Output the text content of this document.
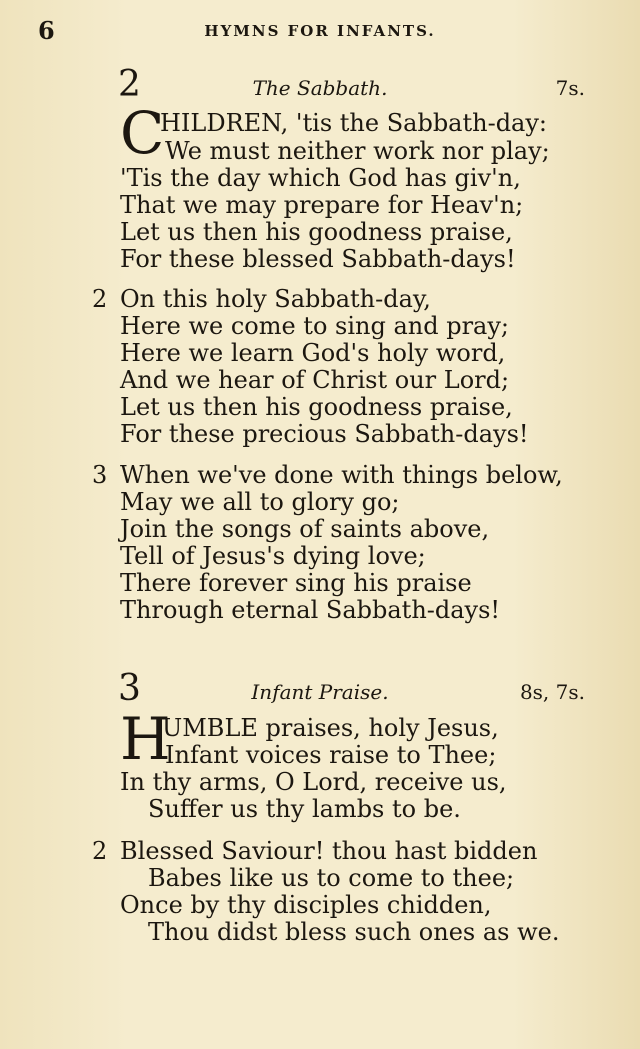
6	HYMNS FOR INFANTS.
2	The Sabbath.	7s.
C
HILDREN, 'tis the Sabbath-day:
We must neither work nor play;
'Tis the day which God has giv'n,
That we may prepare for Heav'n;
Let us then his goodness praise,
For these blessed Sabbath-days!
2 On this holy Sabbath-day,
Here we come to sing and pray;
Here we learn God's holy word,
And we hear of Christ our Lord;
Let us then his goodness praise,
For these precious Sabbath-days!
3 When we've done with things below,
May we all to glory go;
Join the songs of saints above,
Tell of Jesus's dying love;
There forever sing his praise
Through eternal Sabbath-days!
3	Infant Praise.	8s, 7s.
H
UMBLE praises, holy Jesus,
Infant voices raise to Thee;
In thy arms, O Lord, receive us,
Suffer us thy lambs to be.
2 Blessed Saviour! thou hast bidden
Babes like us to come to thee;
Once by thy disciples chidden,
Thou didst bless such ones as we.
